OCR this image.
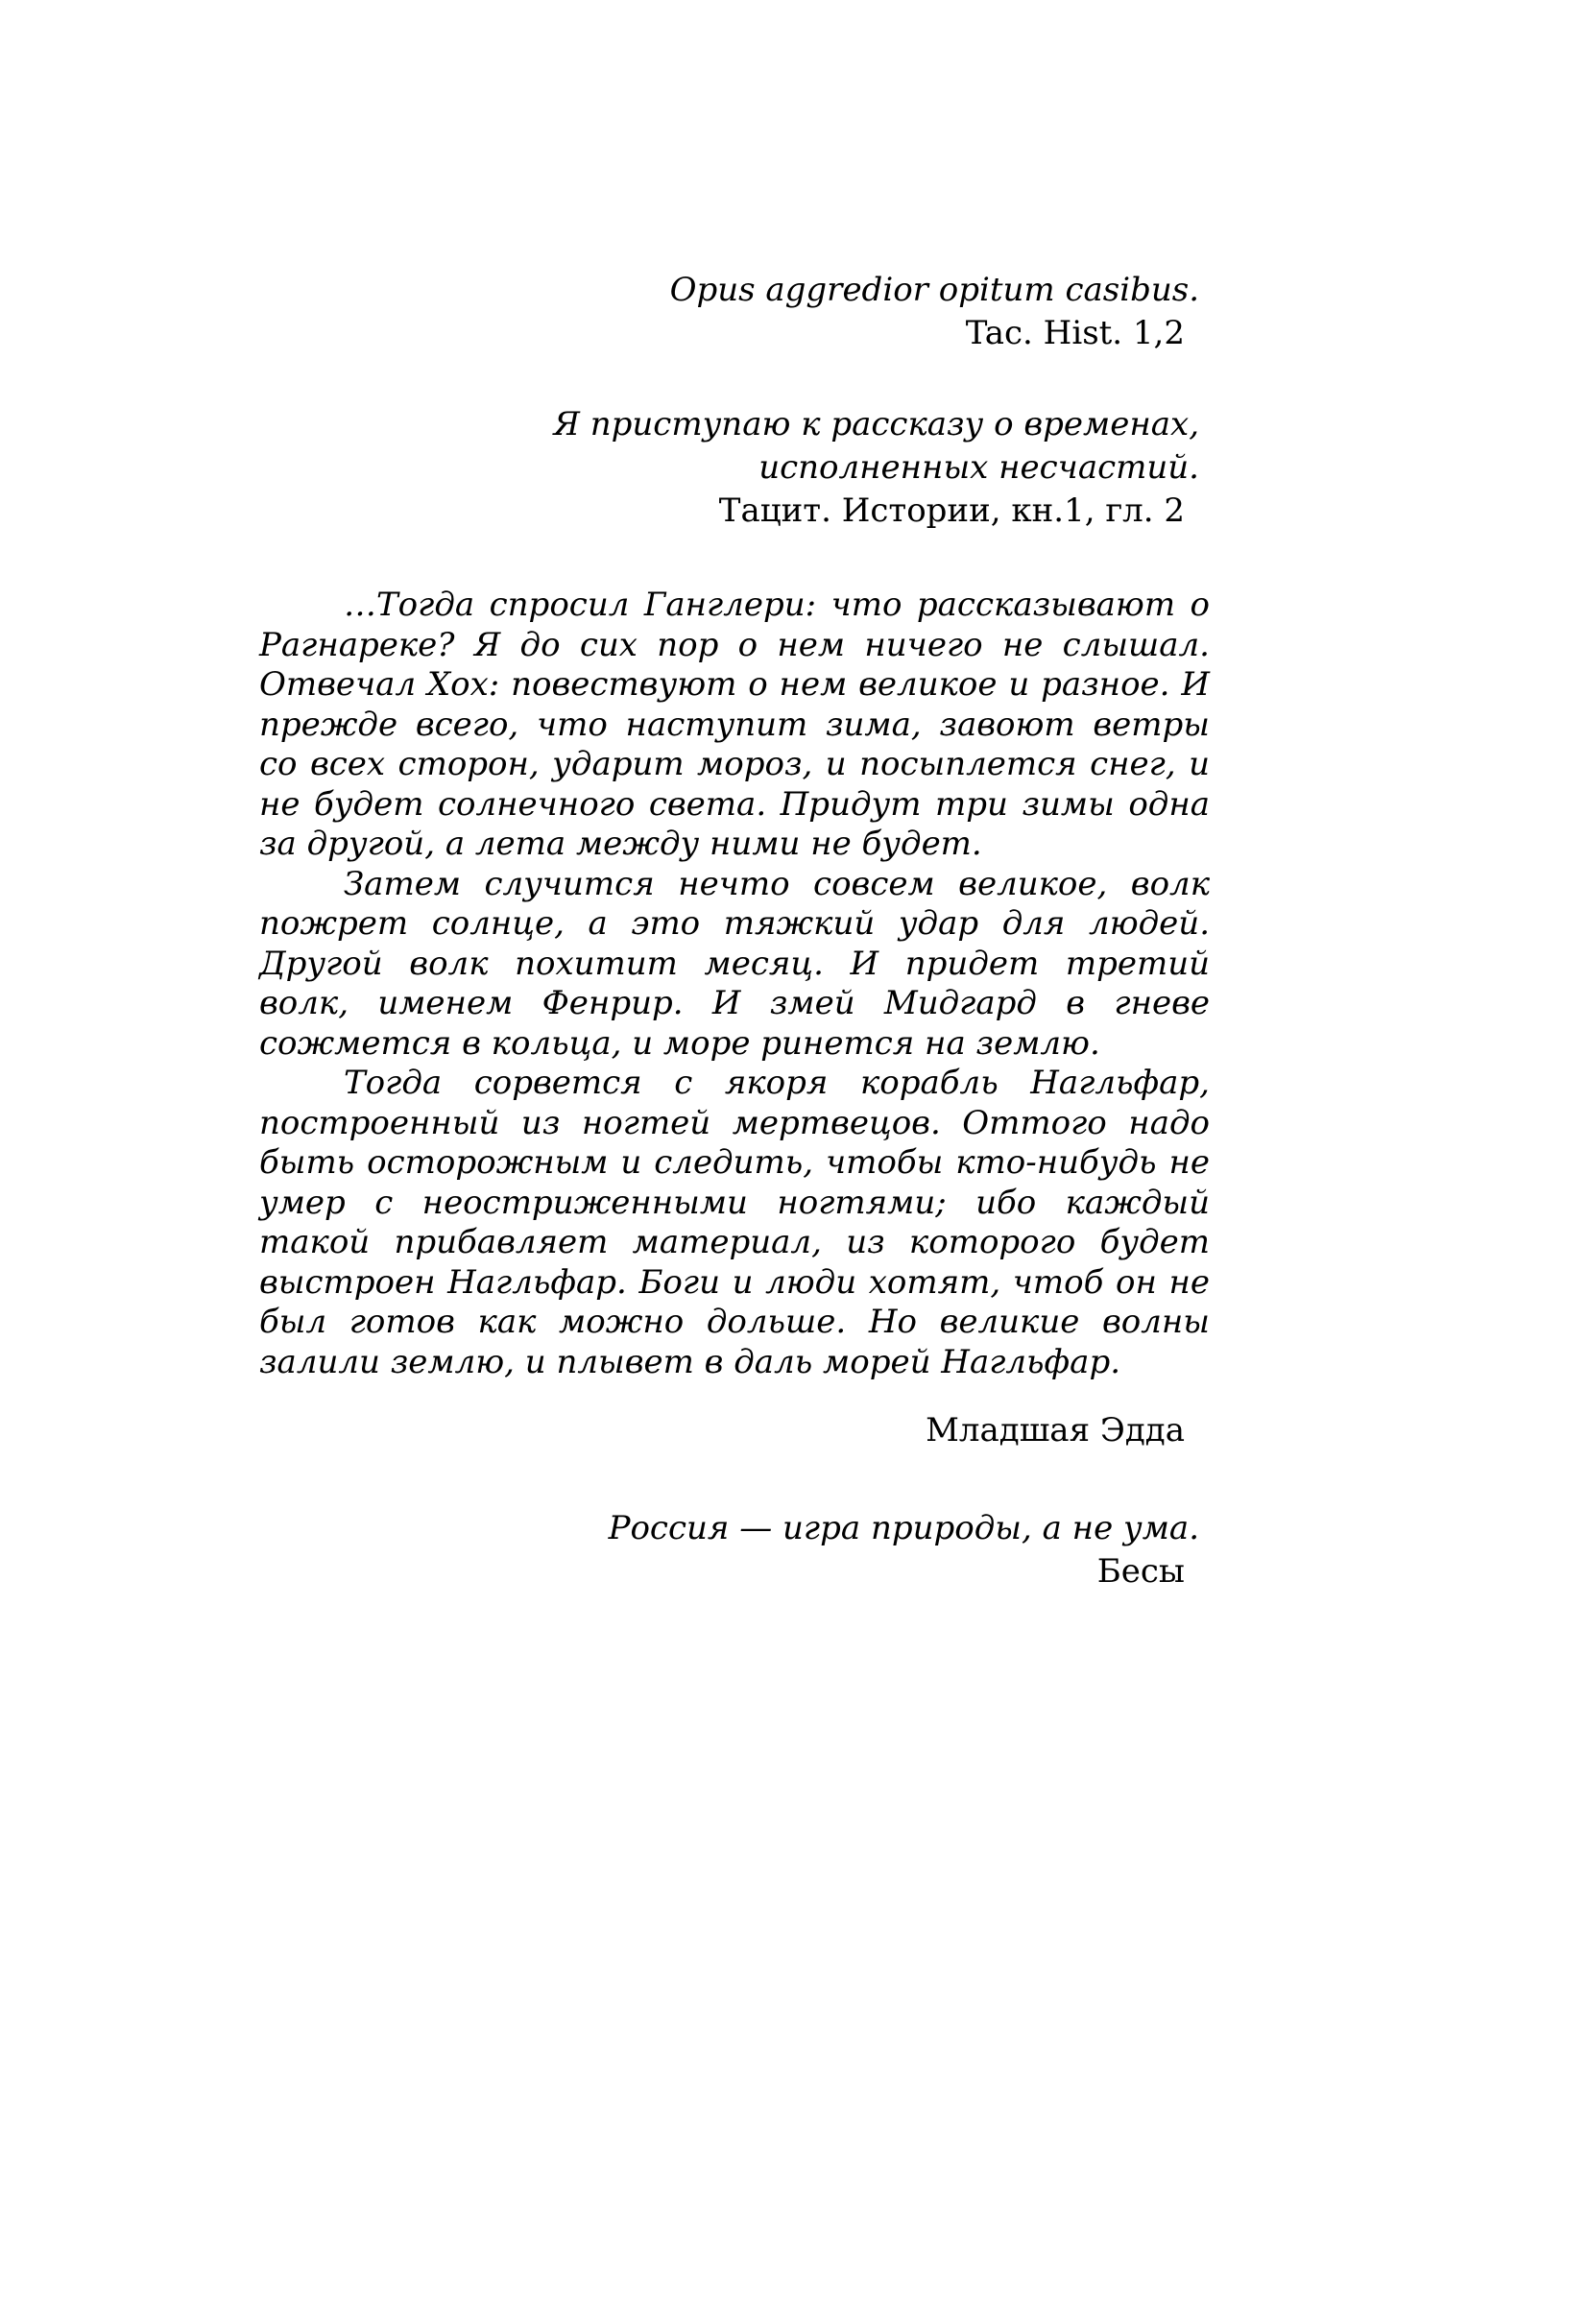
Opus aggredior opitum casibus.
Tac. Hist. 1,2
Я приступаю к рассказу о временах,
исполненных несчастий.
Тацит. Истории, кн.1, гл. 2

…Тогда спросил Ганглери: что рассказывают о Рагнареке? Я до сих пор о нем ничего не слышал. Отвечал Хох: повествуют о нем великое и разное. И прежде всего, что наступит зима, завоют ветры со всех сторон, ударит мороз, и посыплется снег, и не будет солнечного света. Придут три зимы одна за другой, а лета между ними не будет.

Затем случится нечто совсем великое, волк пожрет солнце, а это тяжкий удар для людей. Другой волк похитит месяц. И придет третий волк, именем Фенрир. И змей Мидгард в гневе сожмется в кольца, и море ринется на землю.

Тогда сорвется с якоря корабль Нагльфар, построенный из ногтей мертвецов. Оттого надо быть осторожным и следить, чтобы кто-нибудь не умер с неостриженными ногтями; ибо каждый такой прибавляет материал, из которого будет выстроен Нагльфар. Боги и люди хотят, чтоб он не был готов как можно дольше. Но великие волны залили землю, и плывет в даль морей Нагльфар.

Младшая Эдда
Россия — игра природы, а не ума.
Бесы
